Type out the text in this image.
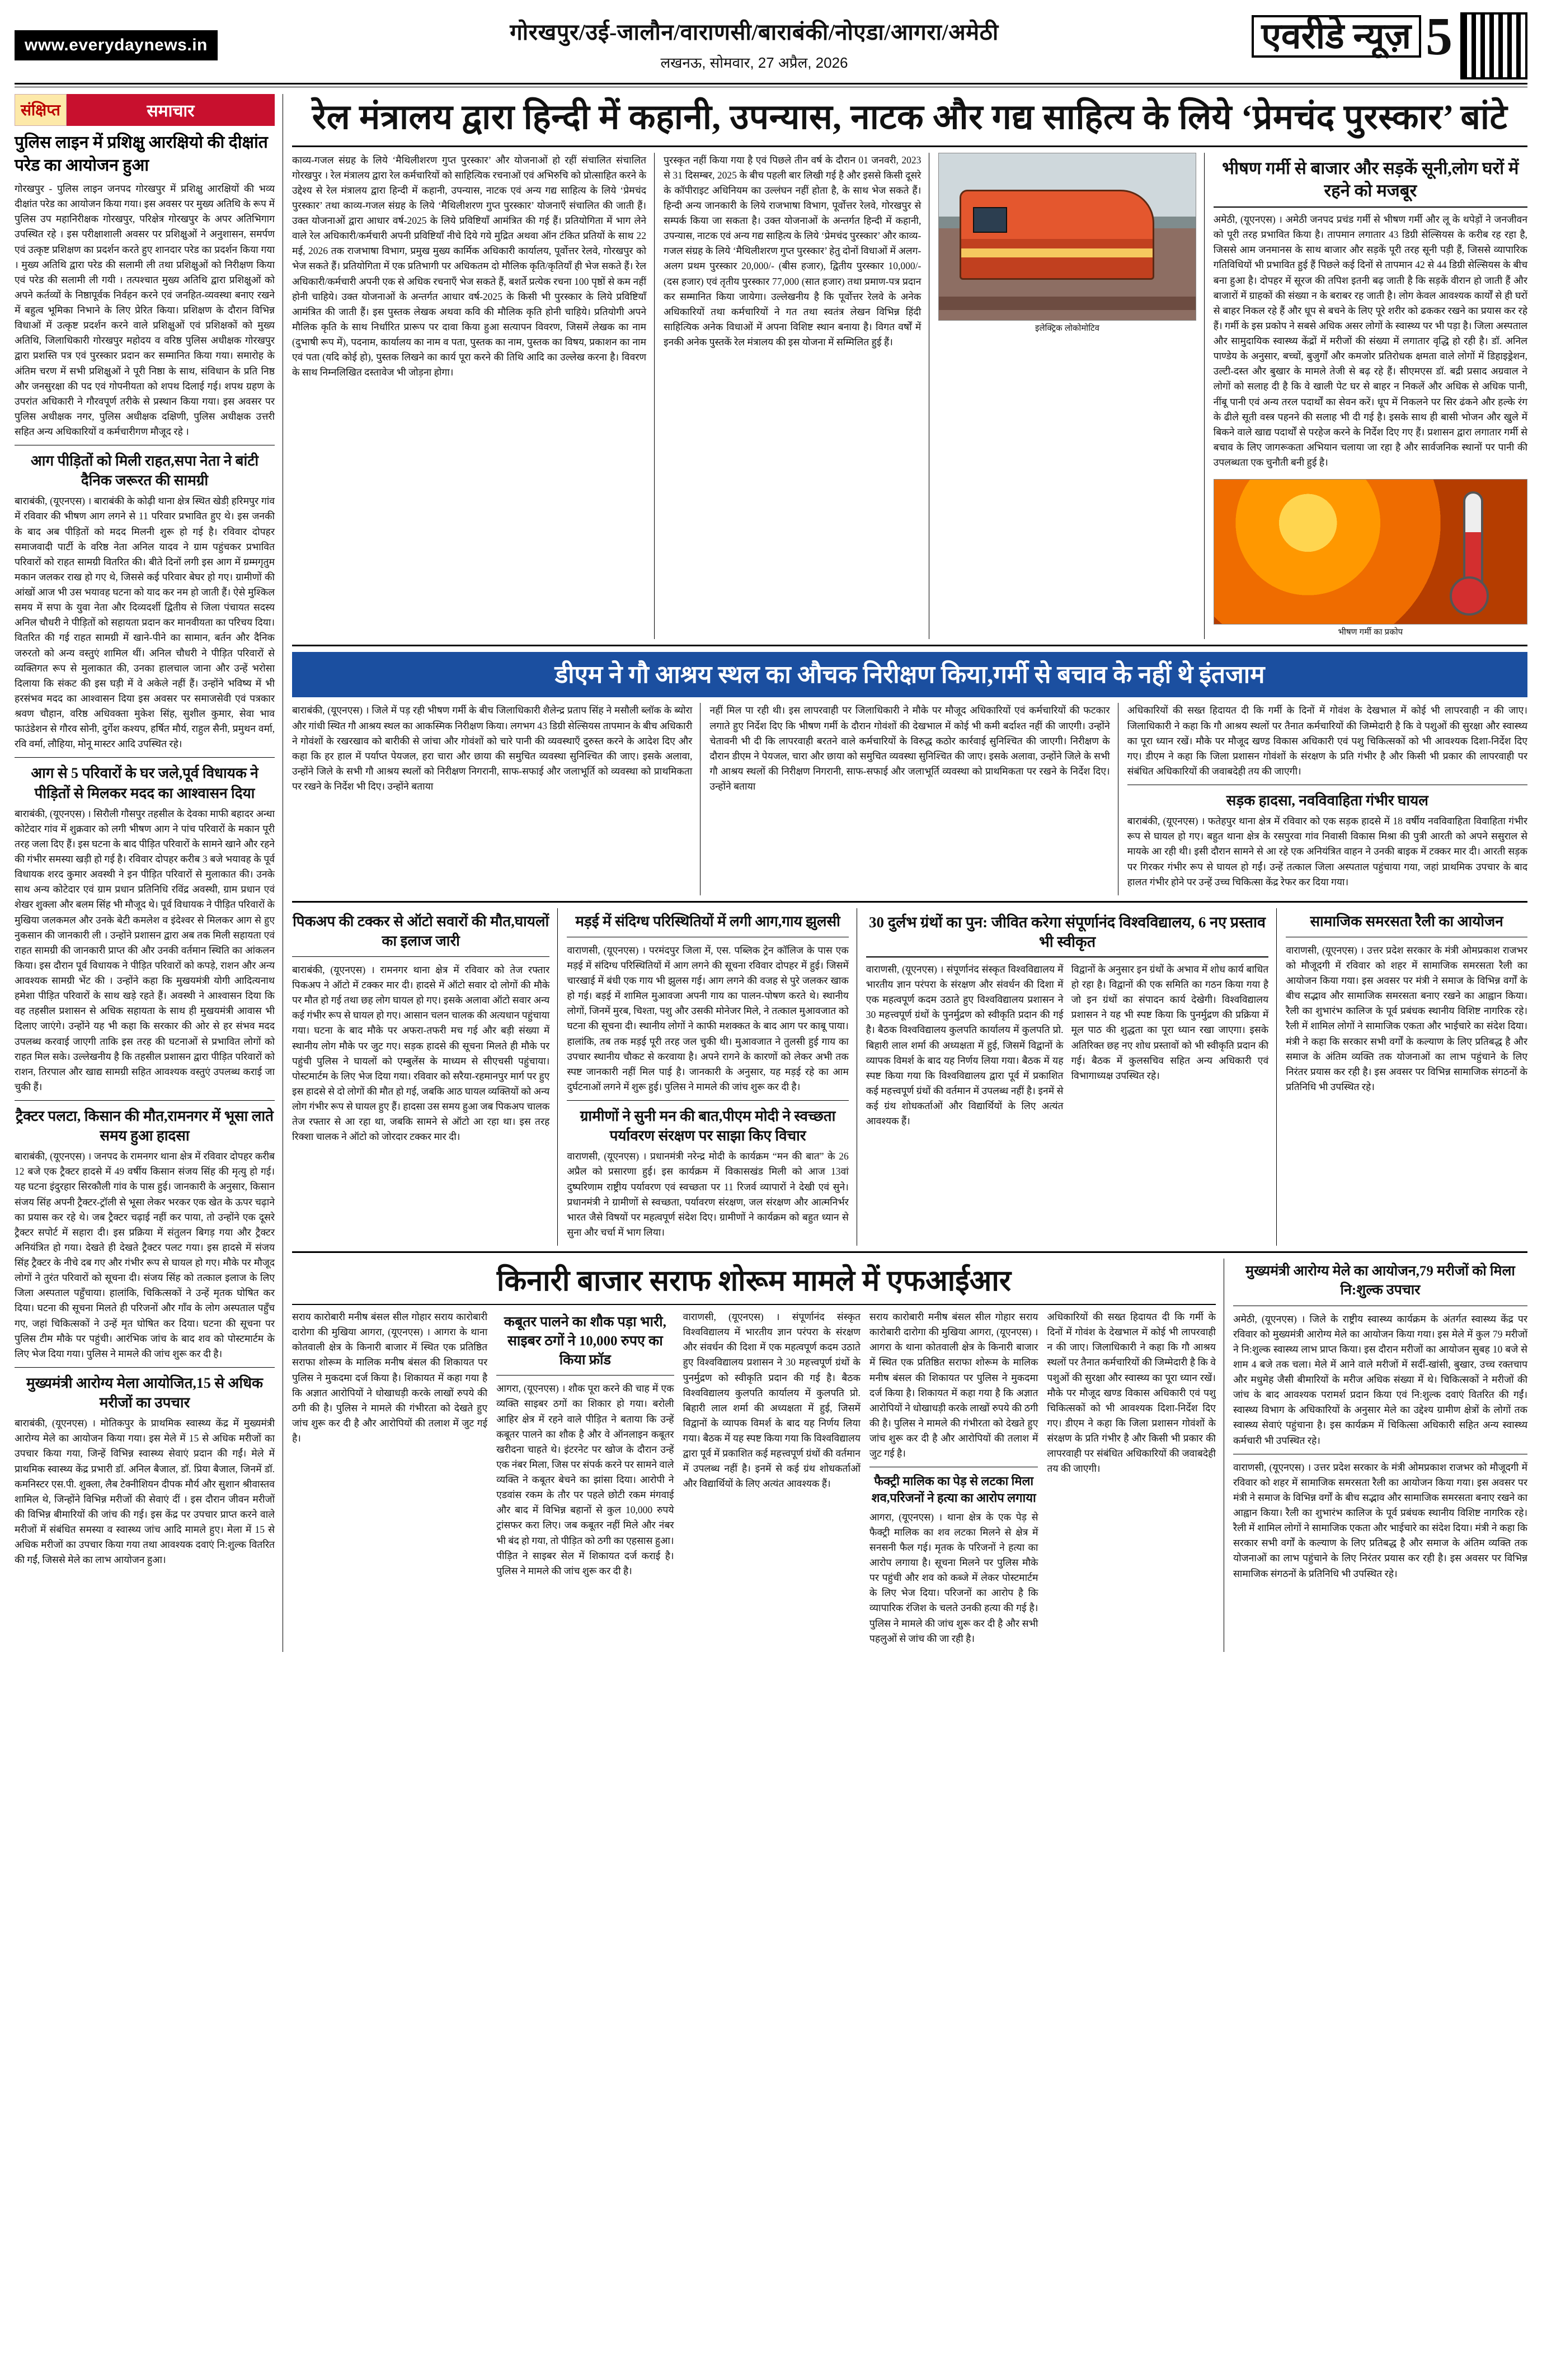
www.everydaynews.in
गोरखपुर/उई-जालौन/वाराणसी/बाराबंकी/नोएडा/आगरा/अमेठी
लखनऊ, सोमवार, 27 अप्रैल, 2026
एवरीडे न्यूज़ 5
संक्षिप्त	समाचार
पुलिस लाइन में प्रशिक्षु आरक्षियो की दीक्षांत परेड का आयोजन हुआ

गोरखपुर - पुलिस लाइन जनपद गोरखपुर में प्रशिक्षु आरक्षियों की भव्य दीक्षांत परेड का आयोजन किया गया। इस अवसर पर मुख्य अतिथि के रूप में पुलिस उप महानिरीक्षक गोरखपुर, परिक्षेत्र गोरखपुर के अपर अतिभिगाग उपस्थित रहे । इस परीक्षाशाली अवसर पर प्रशिक्षुओं ने अनुशासन, समर्पण एवं उत्कृष्ट प्रशिक्षण का प्रदर्शन करते हुए शानदार परेड का प्रदर्शन किया गया । मुख्य अतिथि द्वारा परेड की सलामी ली तथा प्रशिक्षुओं को निरीक्षण किया एवं परेड की सलामी ली गयी । तत्पश्चात मुख्य अतिथि द्वारा प्रशिक्षुओं को अपने कर्तव्यों के निष्ठापूर्वक निर्वहन करने एवं जनहित-व्यवस्था बनाए रखने में बहुत्व भूमिका निभाने के लिए प्रेरित किया। प्रशिक्षण के दौरान विभिन्न विधाओं में उत्कृष्ट प्रदर्शन करने वाले प्रशिक्षुओं एवं प्रशिक्षकों को मुख्य अतिथि, जिलाधिकारी गोरखपुर महोदय व वरिष्ठ पुलिस अधीक्षक गोरखपुर द्वारा प्रशस्ति पत्र एवं पुरस्कार प्रदान कर सम्मानित किया गया। समारोह के अंतिम चरण में सभी प्रशिक्षुओं ने पूरी निष्ठा के साथ, संविधान के प्रति निष्ठ और जनसुरक्षा की पद एवं गोपनीयता को शपथ दिलाई गई। शपथ ग्रहण के उपरांत अधिकारी ने गौरवपूर्ण तरीके से प्रस्थान किया गया। इस अवसर पर पुलिस अधीक्षक नगर, पुलिस अधीक्षक दक्षिणी, पुलिस अधीक्षक उत्तरी सहित अन्य अधिकारियों व कर्मचारीगण मौजूद रहे ।

आग पीड़ितों को मिली राहत,सपा नेता ने बांटी दैनिक जरूरत की सामग्री

बाराबंकी, (यूएनएस) । बाराबंकी के कोढ़ी थाना क्षेत्र स्थित खेडी़ हरिमपुर गांव में रविवार की भीषण आग लगने से 11 परिवार प्रभावित हुए थे। इस जनकी के बाद अब पीड़ितों को मदद मिलनी शुरू हो गई है। रविवार दोपहर समाजवादी पार्टी के वरिष्ठ नेता अनिल यादव ने ग्राम पहुंचकर प्रभावित परिवारों को राहत सामग्री वितरित की। बीते दिनों लगी इस आग में ग्रम्मगृतुम मकान जलकर राख हो गए थे, जिससे कई परिवार बेघर हो गए। ग्रामीणों की आंखों आज भी उस भयावह घटना को याद कर नम हो जाती हैं। ऐसे मुश्किल समय में सपा के युवा नेता और दिव्यदर्शी द्वितीय से जिला पंचायत सदस्य अनिल चौधरी ने पीड़ितों को सहायता प्रदान कर मानवीयता का परिचय दिया। वितरित की गई राहत सामग्री में खाने-पीने का सामान, बर्तन और दैनिक जरुरतो को अन्य वस्तुएं शामिल थीं। अनिल चौधरी ने पीड़ित परिवारों से व्यक्तिगत रूप से मुलाकात की, उनका हालचाल जाना और उन्हें भरोसा दिलाया कि संकट की इस घड़ी में वे अकेले नहीं हैं। उन्होंने भविष्य में भी हरसंभव मदद का आश्वासन दिया इस अवसर पर समाजसेवी एवं पत्रकार श्रवण चौहान, वरिष्ठ अधिवक्ता मुकेश सिंह, सुशील कुमार, सेवा भाव फाउंडेशन से गौरव सोनी, दुर्गेश कश्यप, हर्षित मौर्य, राहुल सैनी, प्रमुथन वर्मा, रवि वर्मा, लौहिया, मोनू मास्टर आदि उपस्थित रहे।

आग से 5 परिवारों के घर जले,पूर्व विधायक ने पीड़ितों से मिलकर मदद का आश्वासन दिया

बाराबंकी, (यूएनएस) । सिरौली गौसपुर तहसील के देवका माफी बहादर अन्धा कोटेदार गांव में शुक्रवार को लगी भीषण आग ने पांच परिवारों के मकान पूरी तरह जला दिए हैं। इस घटना के बाद पीड़ित परिवारों के सामने खाने और रहने की गंभीर समस्या खड़ी हो गई है। रविवार दोपहर करीब 3 बजे भयावह के पूर्व विधायक शरद कुमार अवस्थी ने इन पीड़ित परिवारों से मुलाकात की। उनके साथ अन्य कोटेदार एवं ग्राम प्रधान प्रतिनिधि रविंद्र अवस्थी, ग्राम प्रधान एवं शेखर शुक्ला और बलम सिंह भी मौजूद थे। पूर्व विधायक ने पीड़ित परिवारों के मुखिया जलकमल और उनके बेटी कमलेश व इंदेश्वर से मिलकर आग से हुए नुकसान की जानकारी ली । उन्होंने प्रशासन द्वारा अब तक मिली सहायता एवं राहत सामग्री की जानकारी प्राप्त की और उनकी वर्तमान स्थिति का आंकलन किया। इस दौरान पूर्व विधायक ने पीड़ित परिवारों को कपड़े, राशन और अन्य आवश्यक सामग्री भेंट की । उन्होंने कहा कि मुखयमंत्री योगी आदित्यनाथ हमेशा पीड़ित परिवारों के साथ खड़े रहते हैं। अवस्थी ने आश्वासन दिया कि वह तहसील प्रशासन से अधिक सहायता के साथ ही मुखयमंत्री आवास भी दिलाए जाएंगे। उन्होंने यह भी कहा कि सरकार की ओर से हर संभव मदद उपलब्ध करवाई जाएगी ताकि इस तरह की घटनाओं से प्रभावित लोगों को राहत मिल सके। उल्लेखनीय है कि तहसील प्रशासन द्वारा पीड़ित परिवारों को राशन, तिरपाल और खाद्य सामग्री सहित आवश्यक वस्तुएं उपलब्ध कराई जा चुकी हैं।

ट्रैक्टर पलटा, किसान की मौत,रामनगर में भूसा लाते समय हुआ हादसा

बाराबंकी, (यूएनएस) । जनपद के रामनगर थाना क्षेत्र में रविवार दोपहर करीब 12 बजे एक ट्रैक्टर हादसे में 49 वर्षीय किसान संजय सिंह की मृत्यु हो गई। यह घटना इंदुरहार सिरकौली गांव के पास हुई। जानकारी के अनुसार, किसान संजय सिंह अपनी ट्रैक्टर-ट्रॉली से भूसा लेकर भरकर एक खेत के ऊपर चढ़ाने का प्रयास कर रहे थे। जब ट्रैक्टर चढ़ाई नहीं कर पाया, तो उन्होंने एक दूसरे ट्रैक्टर सपोर्ट में सहारा दी। इस प्रक्रिया में संतुलन बिगड़ गया और ट्रैक्टर अनियंत्रित हो गया। देखते ही देखते ट्रैक्टर पलट गया। इस हादसे में संजय सिंह ट्रैक्टर के नीचे दब गए और गंभीर रूप से घायल हो गए। मौके पर मौजूद लोगों ने तुरंत परिवारों को सूचना दी। संजय सिंह को तत्काल इलाज के लिए जिला अस्पताल पहुँचाया। हालांकि, चिकित्सकों ने उन्हें मृतक घोषित कर दिया। घटना की सूचना मिलते ही परिजनों और गाँव के लोग अस्पताल पहुँच गए, जहां चिकित्सकों ने उन्हें मृत घोषित कर दिया। घटना की सूचना पर पुलिस टीम मौके पर पहुंची। आरंभिक जांच के बाद शव को पोस्टमार्टम के लिए भेज दिया गया। पुलिस ने मामले की जांच शुरू कर दी है।

मुख्यमंत्री आरोग्य मेला आयोजित,15 से अधिक मरीजों का उपचार

बाराबंकी, (यूएनएस) । मोतिकपुर के प्राथमिक स्वास्थ्य केंद्र में मुख्यमंत्री आरोग्य मेले का आयोजन किया गया। इस मेले में 15 से अधिक मरीजों का उपचार किया गया, जिन्हें विभिन्न स्वास्थ्य सेवाएं प्रदान की गईं। मेले में प्राथमिक स्वास्थ्य केंद्र प्रभारी डॉ. अनिल बैजाल, डॉ. प्रिया बैजाल, जिनमें डॉ. कमनिस्टर एस.पी. शुक्ला, लैब टेक्नीशियन दीपक मौर्य और सुशान श्रीवास्तव शामिल थे, जिन्होंने विभिन्न मरीजों की सेवाएं दीं । इस दौरान जीवन मरीजों की विभिन्न बीमारियों की जांच की गई। इस केंद्र पर उपचार प्राप्त करने वाले मरीजों में संबंधित समस्या व स्वास्थ्य जांच आदि मामले हुए। मेला में 15 से अधिक मरीजों का उपचार किया गया तथा आवश्यक दवाएं नि:शुल्क वितरित की गईं, जिससे मेले का लाभ आयोजन हुआ।

रेल मंत्रालय द्वारा हिन्दी में कहानी, उपन्यास, नाटक और गद्य साहित्य के लिये ‘प्रेमचंद पुरस्कार’ बांटे

काव्य-गजल संग्रह के लिये ‘मैथिलीशरण गुप्त पुरस्कार’ और योजनाओं हो रहीं संचालित संचालित गोरखपुर । रेल मंत्रालय द्वारा रेल कर्मचारियों को साहित्यिक रचनाओं एवं अभिरुचि को प्रोत्साहित करने के उद्देश्य से रेल मंत्रालय द्वारा हिन्दी में कहानी, उपन्यास, नाटक एवं अन्य गद्य साहित्य के लिये ‘प्रेमचंद पुरस्कार’ तथा काव्य-गजल संग्रह के लिये ‘मैथिलीशरण गुप्त पुरस्कार’ योजनाएँ संचालित की जाती हैं। उक्त योजनाओं द्वारा आधार वर्ष-2025 के लिये प्रविष्टियाँ आमंत्रित की गई हैं। प्रतियोगिता में भाग लेने वाले रेल अधिकारी/कर्मचारी अपनी प्रविष्टियाँ नीचे दिये गये मुद्रित अथवा ऑन टंकित प्रतियों के साथ 22 मई, 2026 तक राजभाषा विभाग, प्रमुख मुख्य कार्मिक अधिकारी कार्यालय, पूर्वोत्तर रेलवे, गोरखपुर को भेज सकते हैं। प्रतियोगिता में एक प्रतिभागी पर अधिकतम दो मौलिक कृति/कृतियाँ ही भेज सकते हैं। रेल अधिकारी/कर्मचारी अपनी एक से अधिक रचनाएँ भेज सकते हैं, बशर्ते प्रत्येक रचना 100 पृष्ठों से कम नहीं होनी चाहिये। उक्त योजनाओं के अन्तर्गत आधार वर्ष-2025 के किसी भी पुरस्कार के लिये प्रविष्टियाँ आमंत्रित की जाती हैं। इस पुस्तक लेखक अथवा कवि की मौलिक कृति होनी चाहिये। प्रतियोगी अपने मौलिक कृति के साथ निर्धारित प्रारूप पर दावा किया हुआ सत्यापन विवरण, जिसमें लेखक का नाम (दुभाषी रूप में), पदनाम, कार्यालय का नाम व पता, पुस्तक का नाम, पुस्तक का विषय, प्रकाशन का नाम एवं पता (यदि कोई हो), पुस्तक लिखने का कार्य पूरा करने की तिथि आदि का उल्लेख करना है। विवरण के साथ निम्नलिखित दस्तावेज भी जोड़ना होगा।

पुरस्कृत नहीं किया गया है एवं पिछले तीन वर्ष के दौरान 01 जनवरी, 2023 से 31 दिसम्बर, 2025 के बीच पहली बार लिखी गई है और इससे किसी दूसरे के कॉपीराइट अधिनियम का उल्लंघन नहीं होता है, के साथ भेज सकते हैं। हिन्दी अन्य जानकारी के लिये राजभाषा विभाग, पूर्वोत्तर रेलवे, गोरखपुर से सम्पर्क किया जा सकता है। उक्त योजनाओं के अन्तर्गत हिन्दी में कहानी, उपन्यास, नाटक एवं अन्य गद्य साहित्य के लिये ‘प्रेमचंद पुरस्कार’ और काव्य-गजल संग्रह के लिये ‘मैथिलीशरण गुप्त पुरस्कार’ हेतु दोनों विधाओं में अलग-अलग प्रथम पुरस्कार 20,000/- (बीस हजार), द्वितीय पुरस्कार 10,000/- (दस हजार) एवं तृतीय पुरस्कार 77,000 (सात हजार) तथा प्रमाण-पत्र प्रदान कर सम्मानित किया जायेगा। उल्लेखनीय है कि पूर्वोत्तर रेलवे के अनेक अधिकारियों तथा कर्मचारियों ने गत तथा स्वतंत्र लेखन विभिन्न हिंदी साहित्यिक अनेक विधाओं में अपना विशिष्ट स्थान बनाया है। विगत वर्षों में इनकी अनेक पुस्तकें रेल मंत्रालय की इस योजना में सम्मिलित हुई हैं।

इलेक्ट्रिक लोकोमोटिव
भीषण गर्मी से बाजार और सड़कें सूनी,लोग घरों में रहने को मजबूर

अमेठी, (यूएनएस) । अमेठी जनपद प्रचंड गर्मी से भीषण गर्मी और लू के थपेड़ों ने जनजीवन को पूरी तरह प्रभावित किया है। तापमान लगातार 43 डिग्री सेल्सियस के करीब रह रहा है, जिससे आम जनमानस के साथ बाजार और सड़कें पूरी तरह सूनी पड़ी हैं, जिससे व्यापारिक गतिविधियों भी प्रभावित हुई हैं पिछले कई दिनों से तापमान 42 से 44 डिग्री सेल्सियस के बीच बना हुआ है। दोपहर में सूरज की तपिश इतनी बढ़ जाती है कि सड़कें वीरान हो जाती हैं और बाजारों में ग्राहकों की संख्या न के बराबर रह जाती है। लोग केवल आवश्यक कार्यों से ही घरों से बाहर निकल रहे हैं और धूप से बचने के लिए पूरे शरीर को ढककर रखने का प्रयास कर रहे हैं। गर्मी के इस प्रकोप ने सबसे अधिक असर लोगों के स्वास्थ्य पर भी पड़ा है। जिला अस्पताल और सामुदायिक स्वास्थ्य केंद्रों में मरीजों की संख्या में लगातार वृद्धि हो रही है। डॉ. अनिल पाण्डेय के अनुसार, बच्चों, बुजुर्गों और कमजोर प्रतिरोधक क्षमता वाले लोगों में डिहाइड्रेशन, उल्टी-दस्त और बुखार के मामले तेजी से बढ़ रहे हैं। सीएमएस डॉ. बद्री प्रसाद अग्रवाल ने लोगों को सलाह दी है कि वे खाली पेट घर से बाहर न निकलें और अधिक से अधिक पानी, नींबू पानी एवं अन्य तरल पदार्थों का सेवन करें। धूप में निकलने पर सिर ढंकने और हल्के रंग के ढीले सूती वस्त्र पहनने की सलाह भी दी गई है। इसके साथ ही बासी भोजन और खुले में बिकने वाले खाद्य पदार्थों से परहेज करने के निर्देश दिए गए हैं। प्रशासन द्वारा लगातार गर्मी से बचाव के लिए जागरूकता अभियान चलाया जा रहा है और सार्वजनिक स्थानों पर पानी की उपलब्धता एक चुनौती बनी हुई है।

भीषण गर्मी का प्रकोप
डीएम ने गौ आश्रय स्थल का औचक निरीक्षण किया,गर्मी से बचाव के नहीं थे इंतजाम

बाराबंकी, (यूएनएस) । जिले में पड़ रही भीषण गर्मी के बीच जिलाधिकारी शैलेन्द्र प्रताप सिंह ने मसौली ब्लॉक के ब्योरा और गांधी स्थित गौ आश्रय स्थल का आकस्मिक निरीक्षण किया। लगभग 43 डिग्री सेल्सियस तापमान के बीच अधिकारी ने गोवंशों के रखरखाव को बारीकी से जांचा और गोवंशों को चारे पानी की व्यवस्थाएँ दुरुस्त करने के आदेश दिए और कहा कि हर हाल में पर्याप्त पेयजल, हरा चारा और छाया की समुचित व्यवस्था सुनिश्चित की जाए। इसके अलावा, उन्होंने जिले के सभी गौ आश्रय स्थलों को निरीक्षण निगरानी, साफ-सफाई और जलाभूर्ति को व्यवस्था को प्राथमिकता पर रखने के निर्देश भी दिए। उन्होंने बताया

नहीं मिल पा रही थी। इस लापरवाही पर जिलाधिकारी ने मौके पर मौजूद अधिकारियों एवं कर्मचारियों की फटकार लगाते हुए निर्देश दिए कि भीषण गर्मी के दौरान गोवंशों की देखभाल में कोई भी कमी बर्दाश्त नहीं की जाएगी। उन्होंने चेतावनी भी दी कि लापरवाही बरतने वाले कर्मचारियों के विरुद्ध कठोर कार्रवाई सुनिश्चित की जाएगी। निरीक्षण के दौरान डीएम ने पेयजल, चारा और छाया को समुचित व्यवस्था सुनिश्चित की जाए। इसके अलावा, उन्होंने जिले के सभी गौ आश्रय स्थलों की निरीक्षण निगरानी, साफ-सफाई और जलाभूर्ति व्यवस्था को प्राथमिकता पर रखने के निर्देश दिए। उन्होंने बताया

अधिकारियों की सख्त हिदायत दी कि गर्मी के दिनों में गोवंश के देखभाल में कोई भी लापरवाही न की जाए। जिलाधिकारी ने कहा कि गौ आश्रय स्थलों पर तैनात कर्मचारियों की जिम्मेदारी है कि वे पशुओं की सुरक्षा और स्वास्थ्य का पूरा ध्यान रखें। मौके पर मौजूद खण्ड विकास अधिकारी एवं पशु चिकित्सकों को भी आवश्यक दिशा-निर्देश दिए गए। डीएम ने कहा कि जिला प्रशासन गोवंशों के संरक्षण के प्रति गंभीर है और किसी भी प्रकार की लापरवाही पर संबंधित अधिकारियों की जवाबदेही तय की जाएगी।

सड़क हादसा, नवविवाहिता गंभीर घायल

बाराबंकी, (यूएनएस) । फतेहपुर थाना क्षेत्र में रविवार को एक सड़क हादसे में 18 वर्षीय नवविवाहिता विवाहिता गंभीर रूप से घायल हो गए। बहुत थाना क्षेत्र के रसपुरवा गांव निवासी विकास मिश्रा की पुत्री आरती को अपने ससुराल से मायके आ रही थी। इसी दौरान सामने से आ रहे एक अनियंत्रित वाहन ने उनकी बाइक में टक्कर मार दी। आरती सड़क पर गिरकर गंभीर रूप से घायल हो गईं। उन्हें तत्काल जिला अस्पताल पहुंचाया गया, जहां प्राथमिक उपचार के बाद हालत गंभीर होने पर उन्हें उच्च चिकित्सा केंद्र रेफर कर दिया गया।

पिकअप की टक्कर से ऑटो सवारों की मौत,घायलों का इलाज जारी

बाराबंकी, (यूएनएस) । रामनगर थाना क्षेत्र में रविवार को तेज रफ्तार पिकअप ने ऑटो में टक्कर मार दी। हादसे में ऑटो सवार दो लोगों की मौके पर मौत हो गई तथा छह लोग घायल हो गए। इसके अलावा ऑटो सवार अन्य कई गंभीर रूप से घायल हो गए। आसान चलन चालक की अत्यधान पहुंचाया गया। घटना के बाद मौके पर अफरा-तफरी मच गई और बड़ी संख्या में स्थानीय लोग मौके पर जुट गए। सड़क हादसे की सूचना मिलते ही मौके पर पहुंची पुलिस ने घायलों को एम्बुलेंस के माध्यम से सीएचसी पहुंचाया। पोस्टमार्टम के लिए भेज दिया गया। रविवार को सरैया-रहमानपुर मार्ग पर हुए इस हादसे से दो लोगों की मौत हो गई, जबकि आठ घायल व्यक्तियों को अन्य लोग गंभीर रूप से घायल हुए हैं। हादसा उस समय हुआ जब पिकअप चालक तेज रफ्तार से आ रहा था, जबकि सामने से ऑटो आ रहा था। इस तरह रिक्शा चालक ने ऑटो को जोरदार टक्कर मार दी।

मड़ई में संदिग्ध परिस्थितियों में लगी आग,गाय झुलसी

वाराणसी, (यूएनएस) । परमंदपुर जिला में, एस. पब्लिक ट्रेन कॉलिज के पास एक मड़ई में संदिग्ध परिस्थितियों में आग लगने की सूचना रविवार दोपहर में हुई। जिसमें चारखाई में बंधी एक गाय भी झुलस गई। आग लगने की वजह से पुरे जलकर खाक हो गई। बड़ई में शामिल मुआवजा अपनी गाय का पालन-पोषण करते थे। स्थानीय लोगों, जिनमें मुरब, चिश्ता, पशु और उसकी मोनेजर मिले, ने तत्काल मुआवजात को घटना की सूचना दी। स्थानीय लोगों ने काफी मशक्कत के बाद आग पर काबू पाया। हालांकि, तब तक मड़ई पूरी तरह जल चुकी थी। मुआवजात ने तुलसी हुई गाय का उपचार स्थानीय चौकट से करवाया है। अपने रागने के कारणों को लेकर अभी तक स्पष्ट जानकारी नहीं मिल पाई है। जानकारी के अनुसार, यह मड़ई रहे का आम दुर्घटनाओं लगने में शुरू हुई। पुलिस ने मामले की जांच शुरू कर दी है।

ग्रामीणों ने सुनी मन की बात,पीएम मोदी ने स्वच्छता पर्यावरण संरक्षण पर साझा किए विचार

वाराणसी, (यूएनएस) । प्रधानमंत्री नरेन्द्र मोदी के कार्यक्रम “मन की बात” के 26 अप्रैल को प्रसारणा हुई। इस कार्यक्रम में विकासखंड मिली को आज 13वां दुष्परिणाम राष्ट्रीय पर्यावरण एवं स्वच्छता पर 11 रिजर्व व्यापारों ने देखी एवं सुने। प्रधानमंत्री ने ग्रामीणों से स्वच्छता, पर्यावरण संरक्षण, जल संरक्षण और आत्मनिर्भर भारत जैसे विषयों पर महत्वपूर्ण संदेश दिए। ग्रामीणों ने कार्यक्रम को बहुत ध्यान से सुना और चर्चा में भाग लिया।

30 दुर्लभ ग्रंथों का पुन: जीवित करेगा संपूर्णानंद विश्वविद्यालय, 6 नए प्रस्ताव भी स्वीकृत

वाराणसी, (यूएनएस) । संपूर्णानंद संस्कृत विश्वविद्यालय में भारतीय ज्ञान परंपरा के संरक्षण और संवर्धन की दिशा में एक महत्वपूर्ण कदम उठाते हुए विश्वविद्यालय प्रशासन ने 30 महत्त्वपूर्ण ग्रंथों के पुनर्मुद्रण को स्वीकृति प्रदान की गई है। बैठक विश्वविद्यालय कुलपति कार्यालय में कुलपति प्रो. बिहारी लाल शर्मा की अध्यक्षता में हुई, जिसमें विद्वानों के व्यापक विमर्श के बाद यह निर्णय लिया गया। बैठक में यह स्पष्ट किया गया कि विश्वविद्यालय द्वारा पूर्व में प्रकाशित कई महत्त्वपूर्ण ग्रंथों की वर्तमान में उपलब्ध नहीं है। इनमें से कई ग्रंथ शोधकर्ताओं और विद्यार्थियों के लिए अत्यंत आवश्यक हैं।

विद्वानों के अनुसार इन ग्रंथों के अभाव में शोध कार्य बाधित हो रहा है। विद्वानों की एक समिति का गठन किया गया है जो इन ग्रंथों का संपादन कार्य देखेगी। विश्वविद्यालय प्रशासन ने यह भी स्पष्ट किया कि पुनर्मुद्रण की प्रक्रिया में मूल पाठ की शुद्धता का पूरा ध्यान रखा जाएगा। इसके अतिरिक्त छह नए शोध प्रस्तावों को भी स्वीकृति प्रदान की गई। बैठक में कुलसचिव सहित अन्य अधिकारी एवं विभागाध्यक्ष उपस्थित रहे।

सामाजिक समरसता रैली का आयोजन

वाराणसी, (यूएनएस) । उत्तर प्रदेश सरकार के मंत्री ओमप्रकाश राजभर को मौजूदगी में रविवार को शहर में सामाजिक समरसता रैली का आयोजन किया गया। इस अवसर पर मंत्री ने समाज के विभिन्न वर्गों के बीच सद्भाव और सामाजिक समरसता बनाए रखने का आह्वान किया। रैली का शुभारंभ कालिज के पूर्व प्रबंधक स्थानीय विशिष्ट नागरिक रहे। रैली में शामिल लोगों ने सामाजिक एकता और भाईचारे का संदेश दिया। मंत्री ने कहा कि सरकार सभी वर्गों के कल्याण के लिए प्रतिबद्ध है और समाज के अंतिम व्यक्ति तक योजनाओं का लाभ पहुंचाने के लिए निरंतर प्रयास कर रही है। इस अवसर पर विभिन्न सामाजिक संगठनों के प्रतिनिधि भी उपस्थित रहे।

किनारी बाजार सराफ शोरूम मामले में एफआईआर

सराय कारोबारी मनीष बंसल सील गोहार सराय कारोबारी दारोगा की मुखिया आगरा, (यूएनएस) । आगरा के थाना कोतवाली क्षेत्र के किनारी बाजार में स्थित एक प्रतिष्ठित सराफा शोरूम के मालिक मनीष बंसल की शिकायत पर पुलिस ने मुकदमा दर्ज किया है। शिकायत में कहा गया है कि अज्ञात आरोपियों ने धोखाधड़ी करके लाखों रुपये की ठगी की है। पुलिस ने मामले की गंभीरता को देखते हुए जांच शुरू कर दी है और आरोपियों की तलाश में जुट गई है।

कबूतर पालने का शौक पड़ा भारी, साइबर ठगों ने 10,000 रुपए का किया फ्रॉड

आगरा, (यूएनएस) । शौक पूरा करने की चाह में एक व्यक्ति साइबर ठगों का शिकार हो गया। बरोली आहिर क्षेत्र में रहने वाले पीड़ित ने बताया कि उन्हें कबूतर पालने का शौक है और वे ऑनलाइन कबूतर खरीदना चाहते थे। इंटरनेट पर खोज के दौरान उन्हें एक नंबर मिला, जिस पर संपर्क करने पर सामने वाले व्यक्ति ने कबूतर बेचने का झांसा दिया। आरोपी ने एडवांस रकम के तौर पर पहले छोटी रकम मंगवाई और बाद में विभिन्न बहानों से कुल 10,000 रुपये ट्रांसफर करा लिए। जब कबूतर नहीं मिले और नंबर भी बंद हो गया, तो पीड़ित को ठगी का एहसास हुआ। पीड़ित ने साइबर सेल में शिकायत दर्ज कराई है। पुलिस ने मामले की जांच शुरू कर दी है।

वाराणसी, (यूएनएस) । संपूर्णानंद संस्कृत विश्वविद्यालय में भारतीय ज्ञान परंपरा के संरक्षण और संवर्धन की दिशा में एक महत्वपूर्ण कदम उठाते हुए विश्वविद्यालय प्रशासन ने 30 महत्त्वपूर्ण ग्रंथों के पुनर्मुद्रण को स्वीकृति प्रदान की गई है। बैठक विश्वविद्यालय कुलपति कार्यालय में कुलपति प्रो. बिहारी लाल शर्मा की अध्यक्षता में हुई, जिसमें विद्वानों के व्यापक विमर्श के बाद यह निर्णय लिया गया। बैठक में यह स्पष्ट किया गया कि विश्वविद्यालय द्वारा पूर्व में प्रकाशित कई महत्त्वपूर्ण ग्रंथों की वर्तमान में उपलब्ध नहीं है। इनमें से कई ग्रंथ शोधकर्ताओं और विद्यार्थियों के लिए अत्यंत आवश्यक हैं।

सराय कारोबारी मनीष बंसल सील गोहार सराय कारोबारी दारोगा की मुखिया आगरा, (यूएनएस) । आगरा के थाना कोतवाली क्षेत्र के किनारी बाजार में स्थित एक प्रतिष्ठित सराफा शोरूम के मालिक मनीष बंसल की शिकायत पर पुलिस ने मुकदमा दर्ज किया है। शिकायत में कहा गया है कि अज्ञात आरोपियों ने धोखाधड़ी करके लाखों रुपये की ठगी की है। पुलिस ने मामले की गंभीरता को देखते हुए जांच शुरू कर दी है और आरोपियों की तलाश में जुट गई है।

फैक्ट्री मालिक का पेड़ से लटका मिला शव,परिजनों ने हत्या का आरोप लगाया

आगरा, (यूएनएस) । थाना क्षेत्र के एक पेड़ से फैक्ट्री मालिक का शव लटका मिलने से क्षेत्र में सनसनी फैल गई। मृतक के परिजनों ने हत्या का आरोप लगाया है। सूचना मिलने पर पुलिस मौके पर पहुंची और शव को कब्जे में लेकर पोस्टमार्टम के लिए भेज दिया। परिजनों का आरोप है कि व्यापारिक रंजिश के चलते उनकी हत्या की गई है। पुलिस ने मामले की जांच शुरू कर दी है और सभी पहलुओं से जांच की जा रही है।

अधिकारियों की सख्त हिदायत दी कि गर्मी के दिनों में गोवंश के देखभाल में कोई भी लापरवाही न की जाए। जिलाधिकारी ने कहा कि गौ आश्रय स्थलों पर तैनात कर्मचारियों की जिम्मेदारी है कि वे पशुओं की सुरक्षा और स्वास्थ्य का पूरा ध्यान रखें। मौके पर मौजूद खण्ड विकास अधिकारी एवं पशु चिकित्सकों को भी आवश्यक दिशा-निर्देश दिए गए। डीएम ने कहा कि जिला प्रशासन गोवंशों के संरक्षण के प्रति गंभीर है और किसी भी प्रकार की लापरवाही पर संबंधित अधिकारियों की जवाबदेही तय की जाएगी।

मुख्यमंत्री आरोग्य मेले का आयोजन,79 मरीजों को मिला नि:शुल्क उपचार

अमेठी, (यूएनएस) । जिले के राष्ट्रीय स्वास्थ्य कार्यक्रम के अंतर्गत स्वास्थ्य केंद्र पर रविवार को मुख्यमंत्री आरोग्य मेले का आयोजन किया गया। इस मेले में कुल 79 मरीजों ने नि:शुल्क स्वास्थ्य लाभ प्राप्त किया। इस दौरान मरीजों का आयोजन सुबह 10 बजे से शाम 4 बजे तक चला। मेले में आने वाले मरीजों में सर्दी-खांसी, बुखार, उच्च रक्तचाप और मधुमेह जैसी बीमारियों के मरीज अधिक संख्या में थे। चिकित्सकों ने मरीजों की जांच के बाद आवश्यक परामर्श प्रदान किया एवं नि:शुल्क दवाएं वितरित की गईं। स्वास्थ्य विभाग के अधिकारियों के अनुसार मेले का उद्देश्य ग्रामीण क्षेत्रों के लोगों तक स्वास्थ्य सेवाएं पहुंचाना है। इस कार्यक्रम में चिकित्सा अधिकारी सहित अन्य स्वास्थ्य कर्मचारी भी उपस्थित रहे।

वाराणसी, (यूएनएस) । उत्तर प्रदेश सरकार के मंत्री ओमप्रकाश राजभर को मौजूदगी में रविवार को शहर में सामाजिक समरसता रैली का आयोजन किया गया। इस अवसर पर मंत्री ने समाज के विभिन्न वर्गों के बीच सद्भाव और सामाजिक समरसता बनाए रखने का आह्वान किया। रैली का शुभारंभ कालिज के पूर्व प्रबंधक स्थानीय विशिष्ट नागरिक रहे। रैली में शामिल लोगों ने सामाजिक एकता और भाईचारे का संदेश दिया। मंत्री ने कहा कि सरकार सभी वर्गों के कल्याण के लिए प्रतिबद्ध है और समाज के अंतिम व्यक्ति तक योजनाओं का लाभ पहुंचाने के लिए निरंतर प्रयास कर रही है। इस अवसर पर विभिन्न सामाजिक संगठनों के प्रतिनिधि भी उपस्थित रहे।
